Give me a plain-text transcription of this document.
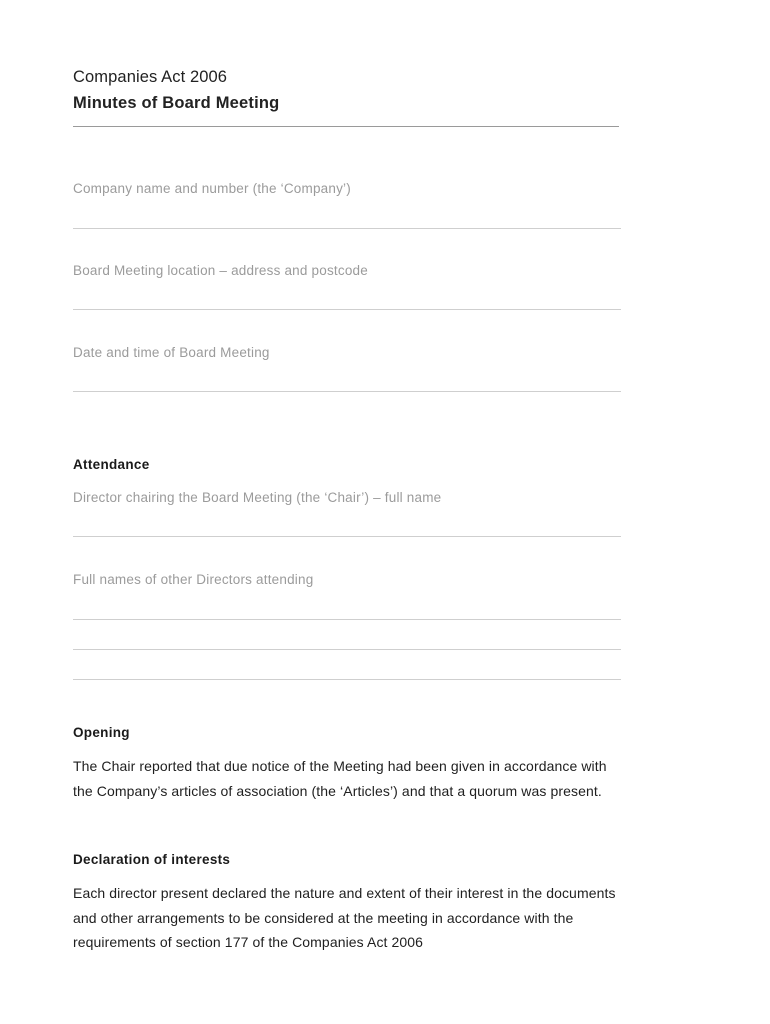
Companies Act 2006
Minutes of Board Meeting
Company name and number (the ‘Company’)
Board Meeting location – address and postcode
Date and time of Board Meeting
Attendance
Director chairing the Board Meeting (the ‘Chair’) – full name
Full names of other Directors attending
Opening
The Chair reported that due notice of the Meeting had been given in accordance with the Company’s articles of association (the ‘Articles’) and that a quorum was present.
Declaration of interests
Each director present declared the nature and extent of their interest in the documents and other arrangements to be considered at the meeting in accordance with the requirements of section 177 of the Companies Act 2006
